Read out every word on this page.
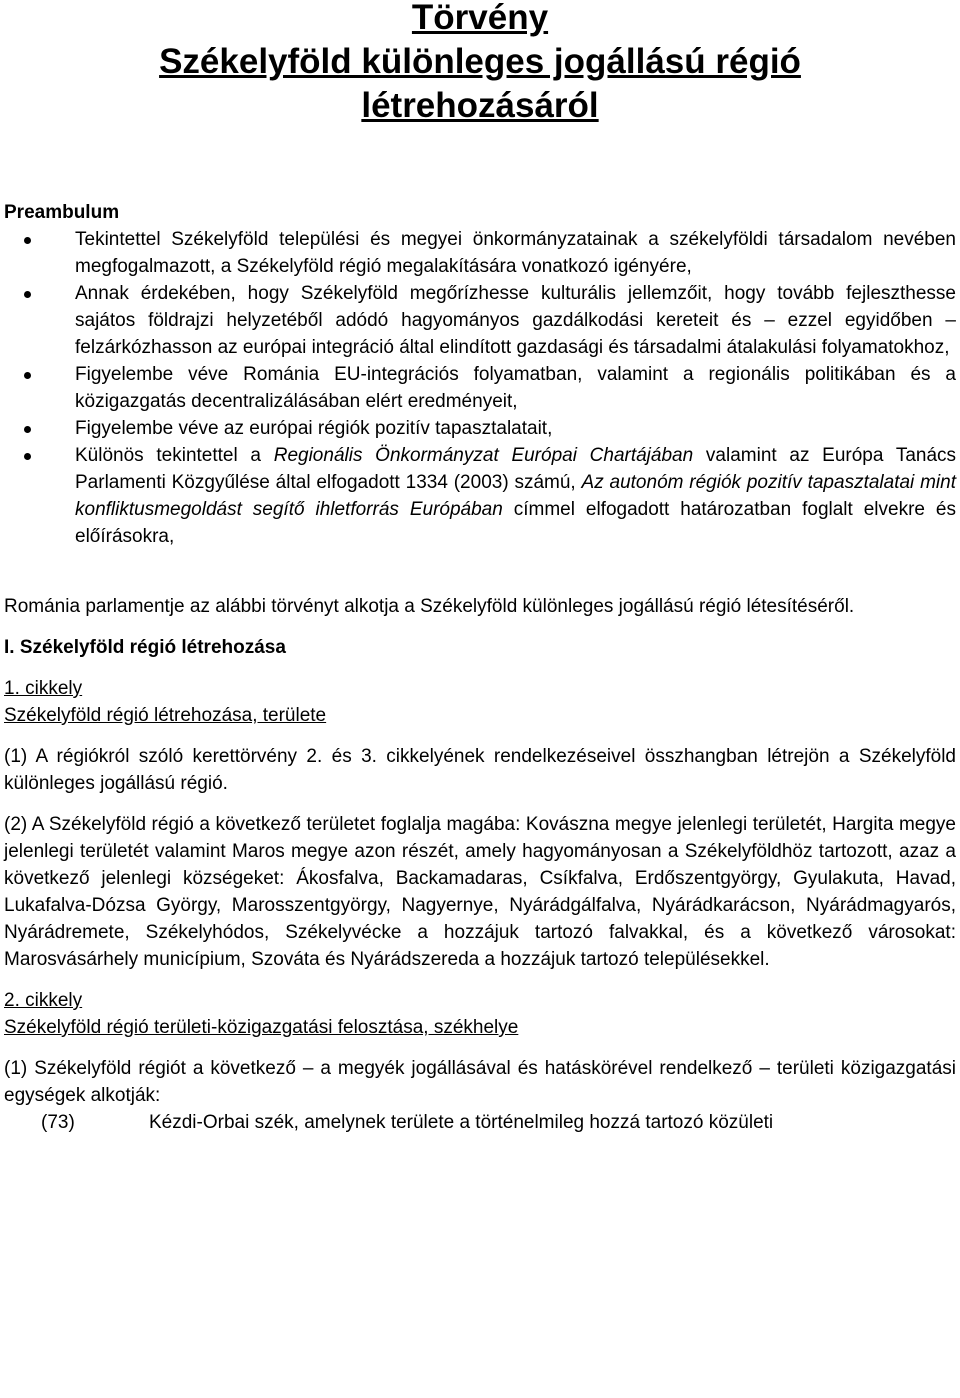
Törvény
Székelyföld különleges jogállású régió
létrehozásáról
Preambulum
Tekintettel Székelyföld települési és megyei önkormányzatainak a székelyföldi társadalom nevében megfogalmazott, a Székelyföld régió megalakítására vonatkozó igényére,
Annak érdekében, hogy Székelyföld megőrízhesse kulturális jellemzőit, hogy tovább fejleszthesse sajátos földrajzi helyzetéből adódó hagyományos gazdálkodási kereteit és – ezzel egyidőben – felzárkózhasson az európai integráció által elindított gazdasági és társadalmi átalakulási folyamatokhoz,
Figyelembe véve Románia EU-integrációs folyamatban, valamint a regionális politikában és a közigazgatás decentralizálásában elért eredményeit,
Figyelembe véve az európai régiók pozitív tapasztalatait,
Különös tekintettel a Regionális Önkormányzat Európai Chartájában valamint az Európa Tanács Parlamenti Közgyűlése által elfogadott 1334 (2003) számú, Az autonóm régiók pozitív tapasztalatai mint konfliktusmegoldást segítő ihletforrás Európában címmel elfogadott határozatban foglalt elvekre és előírásokra,

Románia parlamentje az alábbi törvényt alkotja a Székelyföld különleges jogállású régió létesítéséről.

I. Székelyföld régió létrehozása
1. cikkely
Székelyföld régió létrehozása, területe

(1) A régiókról szóló kerettörvény 2. és 3. cikkelyének rendelkezéseivel összhangban létrejön a Székelyföld különleges jogállású régió.

(2) A Székelyföld régió a következő területet foglalja magába: Kovászna megye jelenlegi területét, Hargita megye jelenlegi területét valamint Maros megye azon részét, amely hagyományosan a Székelyföldhöz tartozott, azaz a következő jelenlegi községeket: Ákosfalva, Backamadaras, Csíkfalva, Erdőszentgyörgy, Gyulakuta, Havad, Lukafalva-Dózsa György, Marosszentgyörgy, Nagyernye, Nyárádgálfalva, Nyárádkarácson, Nyárádmagyarós, Nyárádremete, Székelyhódos, Székelyvécke a hozzájuk tartozó falvakkal, és a következő városokat: Marosvásárhely municípium, Szováta és Nyárádszereda a hozzájuk tartozó településekkel.

2. cikkely
Székelyföld régió területi-közigazgatási felosztása, székhelye

(1) Székelyföld régiót a következő – a megyék jogállásával és hatáskörével rendelkező – területi közigazgatási egységek alkotják:

(73)	Kézdi-Orbai szék, amelynek területe a történelmileg hozzá tartozó közületi
